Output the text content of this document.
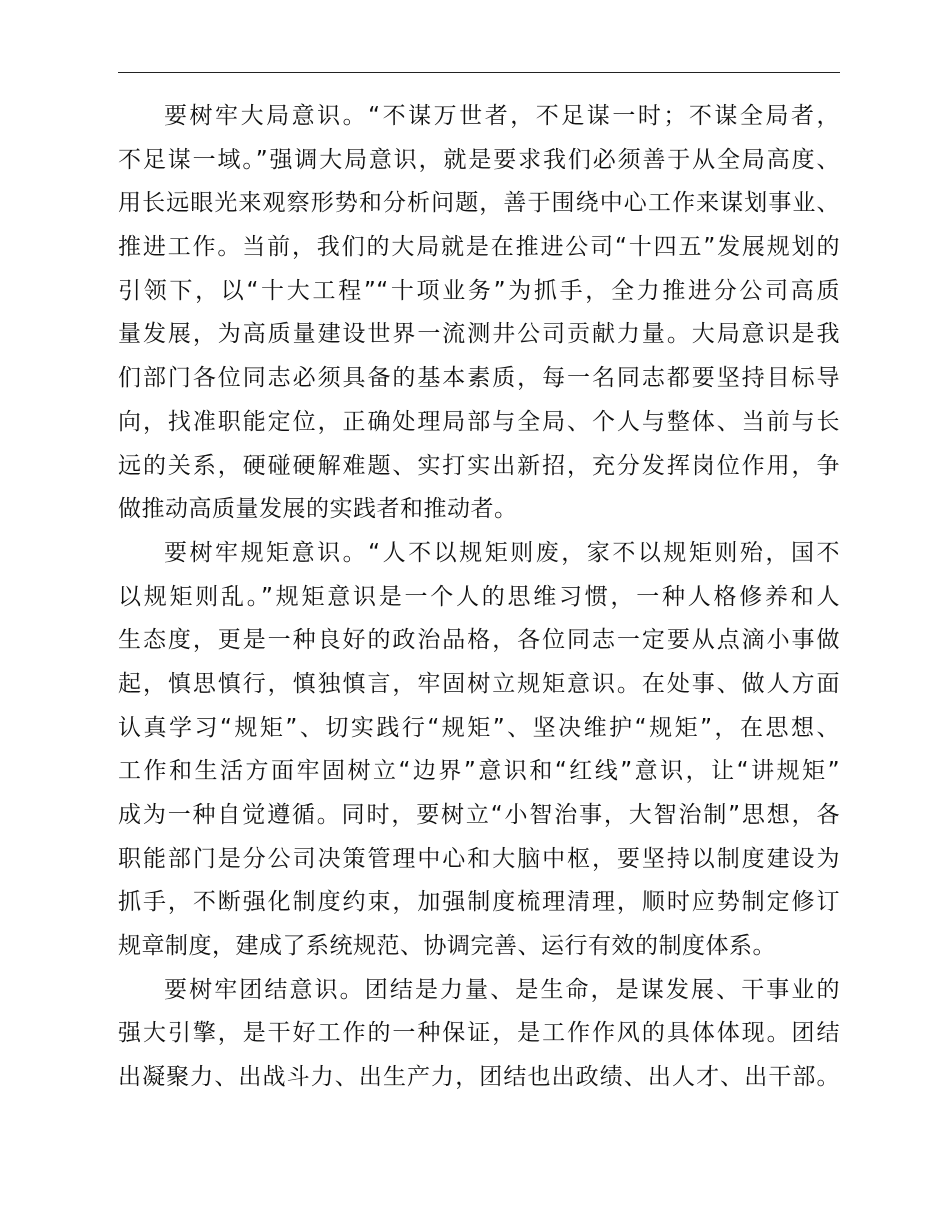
要树牢大局意识。“不谋万世者，不足谋一时；不谋全局者，
不足谋一域。”强调大局意识，就是要求我们必须善于从全局高度、
用长远眼光来观察形势和分析问题，善于围绕中心工作来谋划事业、
推进工作。当前，我们的大局就是在推进公司“十四五”发展规划的
引领下，以“十大工程”“十项业务”为抓手，全力推进分公司高质
量发展，为高质量建设世界一流测井公司贡献力量。大局意识是我
们部门各位同志必须具备的基本素质，每一名同志都要坚持目标导
向，找准职能定位，正确处理局部与全局、个人与整体、当前与长
远的关系，硬碰硬解难题、实打实出新招，充分发挥岗位作用，争
做推动高质量发展的实践者和推动者。

要树牢规矩意识。“人不以规矩则废，家不以规矩则殆，国不
以规矩则乱。”规矩意识是一个人的思维习惯，一种人格修养和人
生态度，更是一种良好的政治品格，各位同志一定要从点滴小事做
起，慎思慎行，慎独慎言，牢固树立规矩意识。在处事、做人方面
认真学习“规矩”、切实践行“规矩”、坚决维护“规矩”，在思想、
工作和生活方面牢固树立“边界”意识和“红线”意识，让“讲规矩”
成为一种自觉遵循。同时，要树立“小智治事，大智治制”思想，各
职能部门是分公司决策管理中心和大脑中枢，要坚持以制度建设为
抓手，不断强化制度约束，加强制度梳理清理，顺时应势制定修订
规章制度，建成了系统规范、协调完善、运行有效的制度体系。

要树牢团结意识。团结是力量、是生命，是谋发展、干事业的
强大引擎，是干好工作的一种保证，是工作作风的具体体现。团结
出凝聚力、出战斗力、出生产力，团结也出政绩、出人才、出干部。
